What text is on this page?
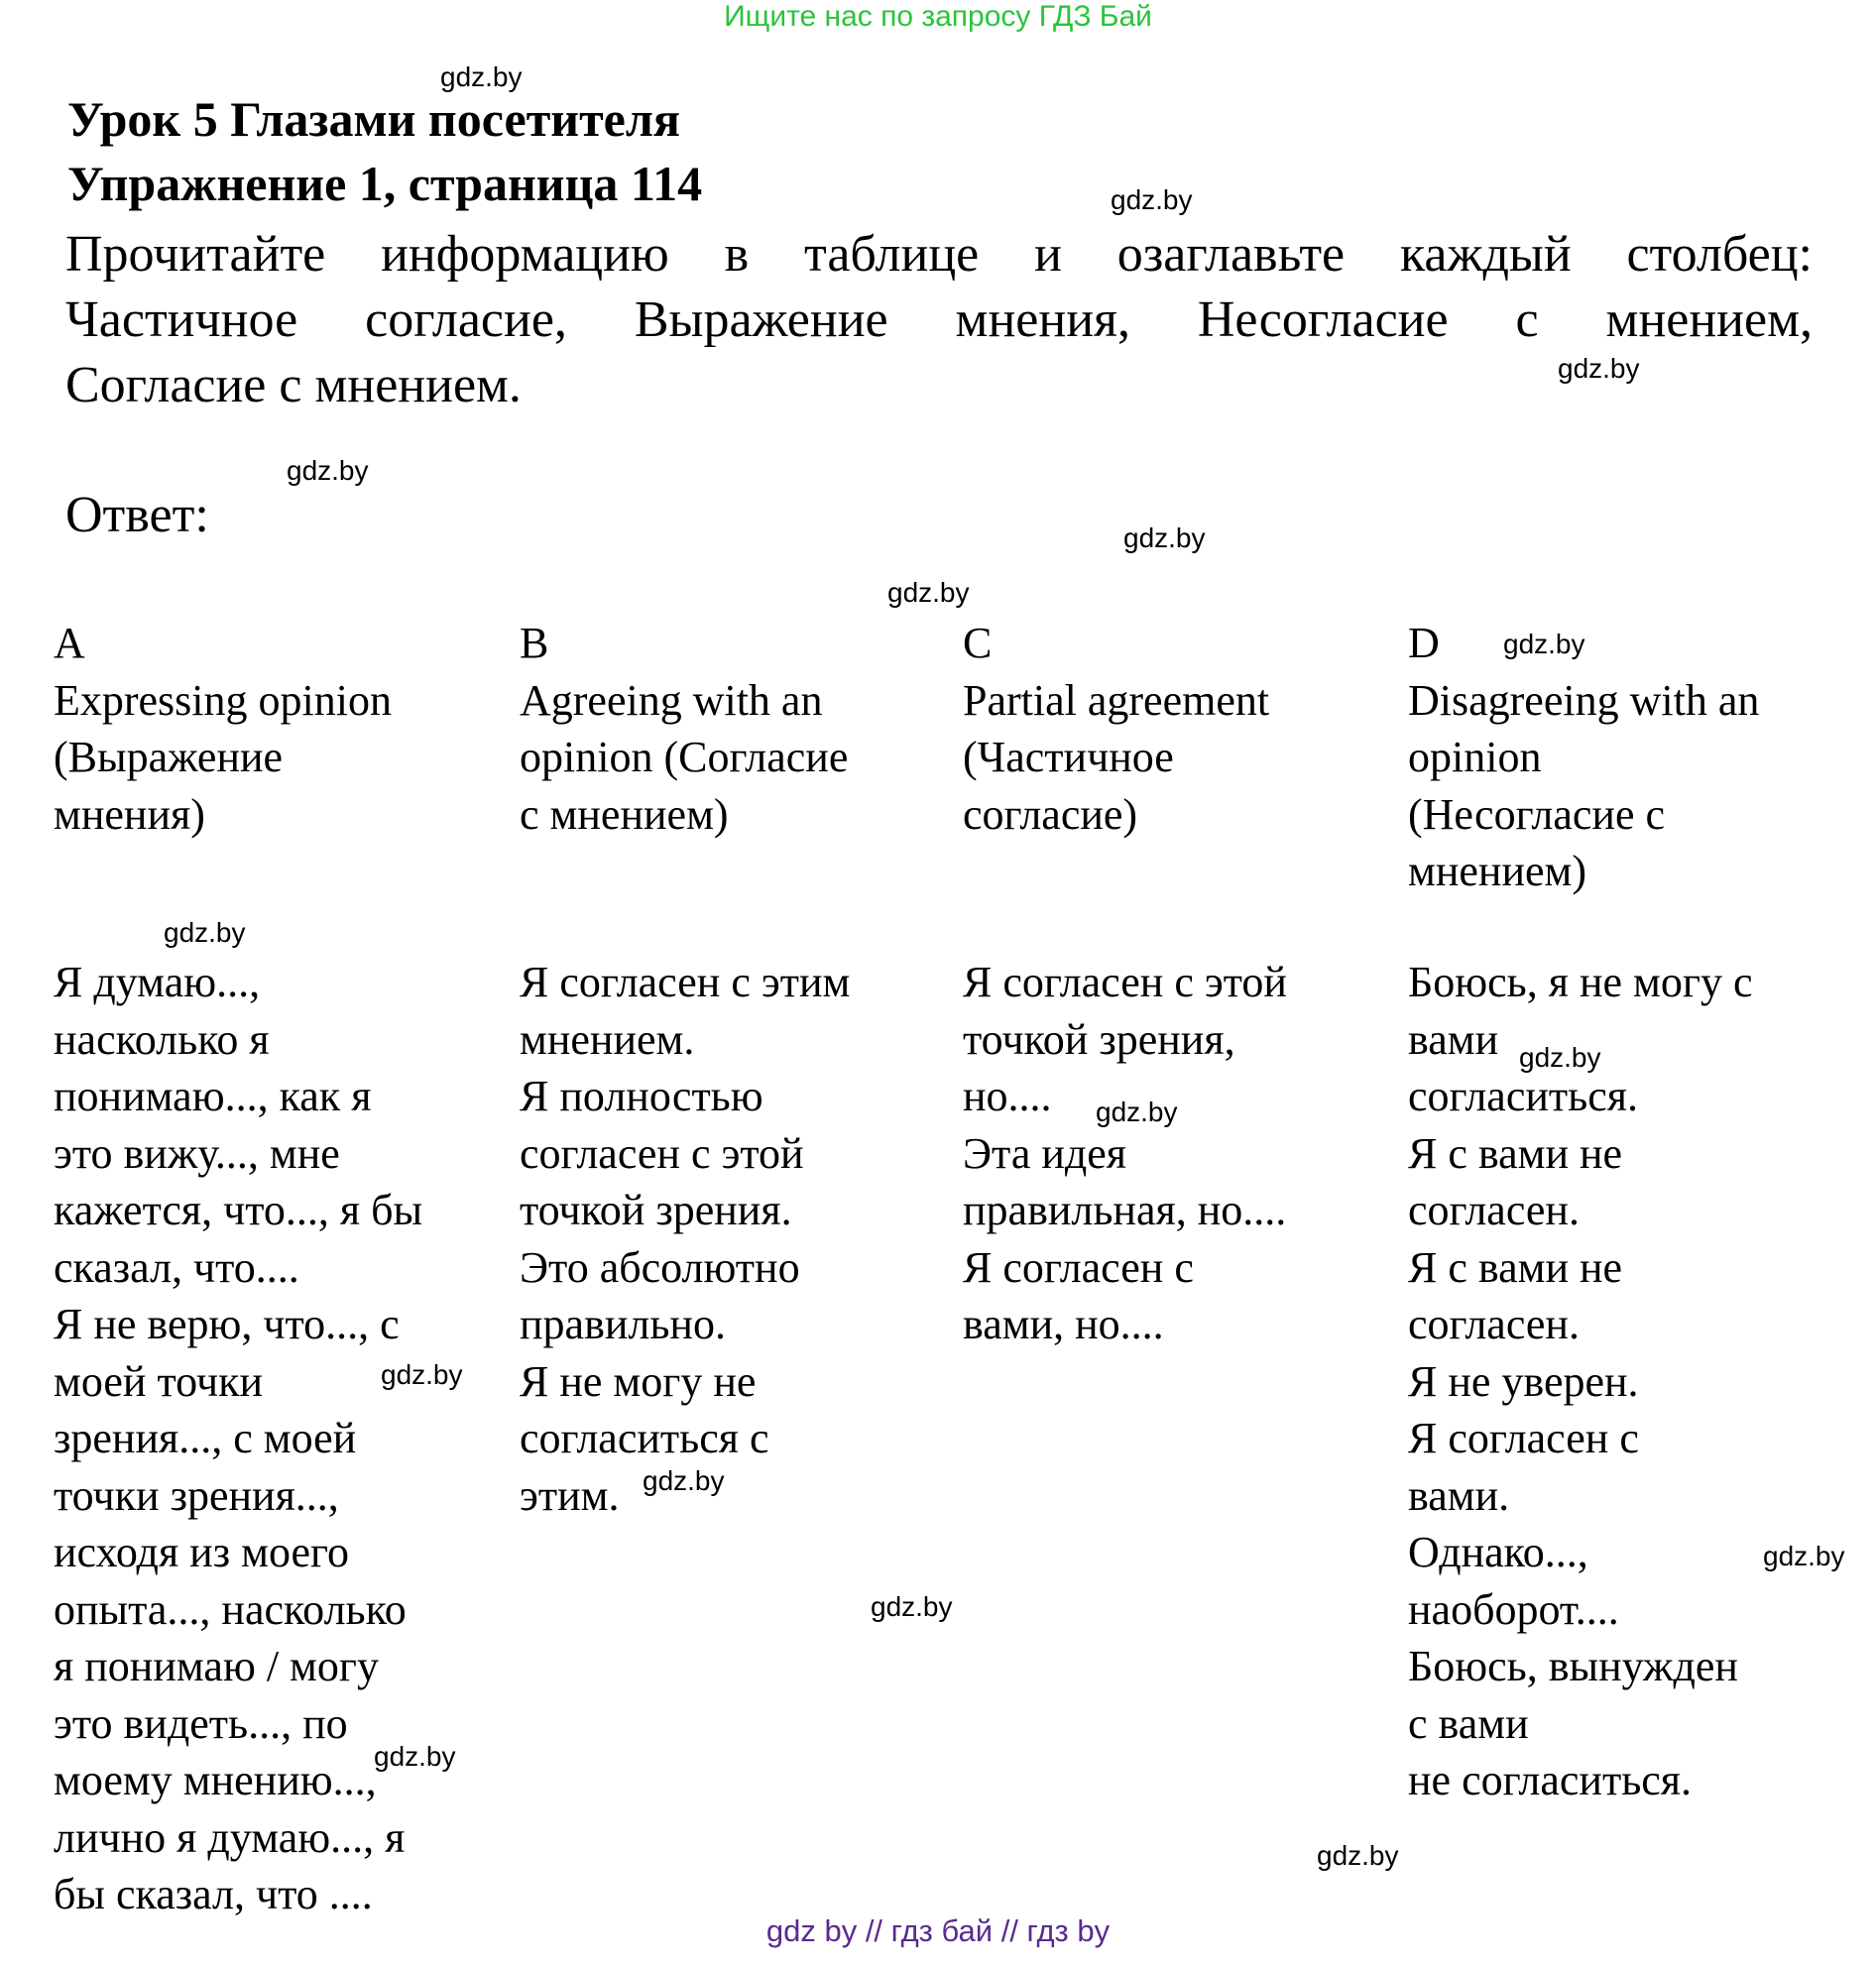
Ищите нас по запросу ГДЗ Бай
Урок 5 Глазами посетителя
Упражнение 1, страница 114
Прочитайте информацию в таблице и озаглавьте каждый столбец:
Частичное согласие, Выражение мнения, Несогласие с мнением,
Согласие с мнением.
Ответ:
A
Expressing opinion
(Выражение
мнения)
Я думаю...,
насколько я
понимаю..., как я
это вижу..., мне
кажется, что..., я бы
сказал, что....
Я не верю, что..., с
моей точки
зрения..., с моей
точки зрения...,
исходя из моего
опыта..., насколько
я понимаю / могу
это видеть..., по
моему мнению...,
лично я думаю..., я
бы сказал, что ....
B
Agreeing with an
opinion (Согласие
с мнением)
Я согласен с этим
мнением.
Я полностью
согласен с этой
точкой зрения.
Это абсолютно
правильно.
Я не могу не
согласиться с
этим.
C
Partial agreement
(Частичное
согласие)
Я согласен с этой
точкой зрения,
но....
Эта идея
правильная, но....
Я согласен с
вами, но....
D
Disagreeing with an
opinion
(Несогласие с
мнением)
Боюсь, я не могу с
вами
согласиться.
Я с вами не
согласен.
Я с вами не
согласен.
Я не уверен.
Я согласен с
вами.
Однако...,
наоборот....
Боюсь, вынужден
с вами
не согласиться.
gdz.by
gdz.by
gdz.by
gdz.by
gdz.by
gdz.by
gdz.by
gdz.by
gdz.by
gdz.by
gdz.by
gdz.by
gdz.by
gdz.by
gdz.by
gdz.by
gdz by // гдз бай // гдз by
